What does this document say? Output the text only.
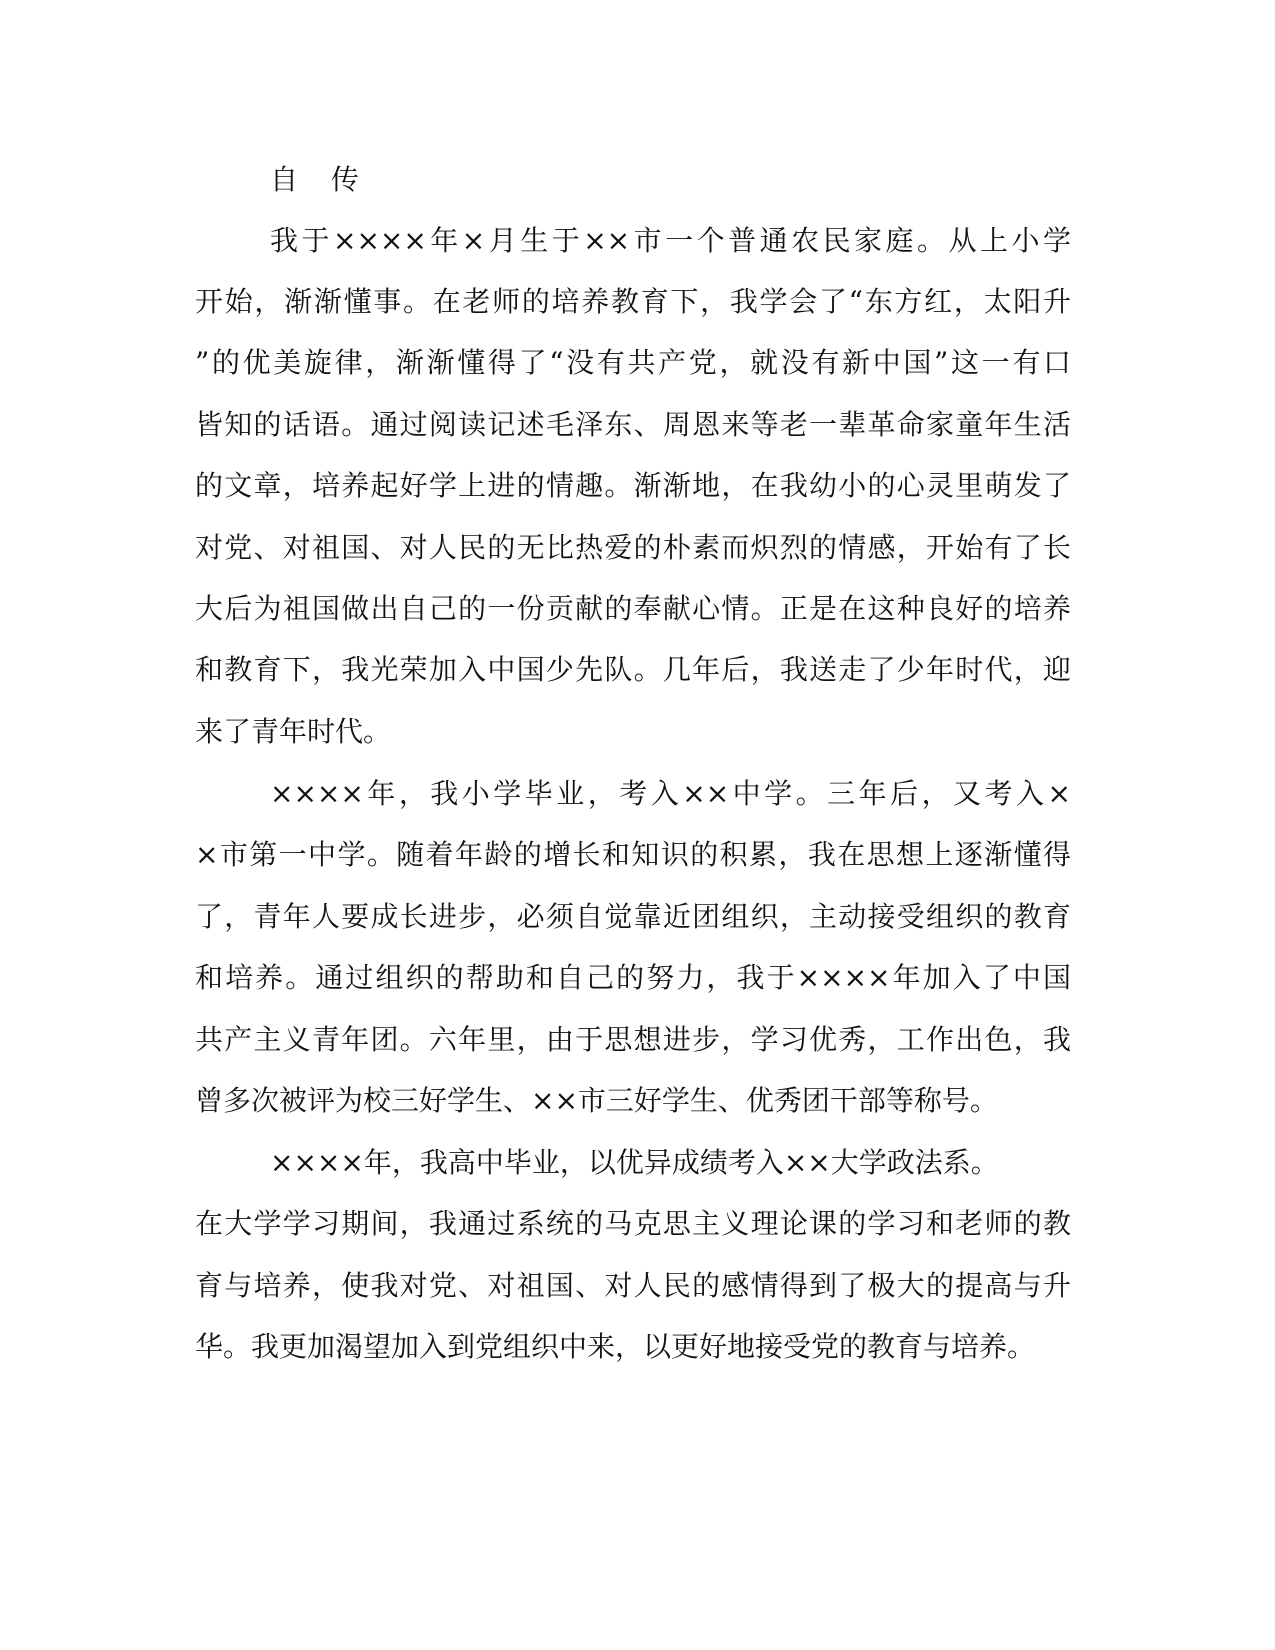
自 传

我于××××年×月生于××市一个普通农民家庭。从上小学

开始，渐渐懂事。在老师的培养教育下，我学会了“东方红，太阳升

”的优美旋律，渐渐懂得了“没有共产党，就没有新中国”这一有口

皆知的话语。通过阅读记述毛泽东、周恩来等老一辈革命家童年生活

的文章，培养起好学上进的情趣。渐渐地，在我幼小的心灵里萌发了

对党、对祖国、对人民的无比热爱的朴素而炽烈的情感，开始有了长

大后为祖国做出自己的一份贡献的奉献心情。正是在这种良好的培养

和教育下，我光荣加入中国少先队。几年后，我送走了少年时代，迎

来了青年时代。

××××年，我小学毕业，考入××中学。三年后，又考入×

×市第一中学。随着年龄的增长和知识的积累，我在思想上逐渐懂得

了，青年人要成长进步，必须自觉靠近团组织，主动接受组织的教育

和培养。通过组织的帮助和自己的努力，我于××××年加入了中国

共产主义青年团。六年里，由于思想进步，学习优秀，工作出色，我

曾多次被评为校三好学生、××市三好学生、优秀团干部等称号。

××××年，我高中毕业，以优异成绩考入××大学政法系。

在大学学习期间，我通过系统的马克思主义理论课的学习和老师的教

育与培养，使我对党、对祖国、对人民的感情得到了极大的提高与升

华。我更加渴望加入到党组织中来，以更好地接受党的教育与培养。
